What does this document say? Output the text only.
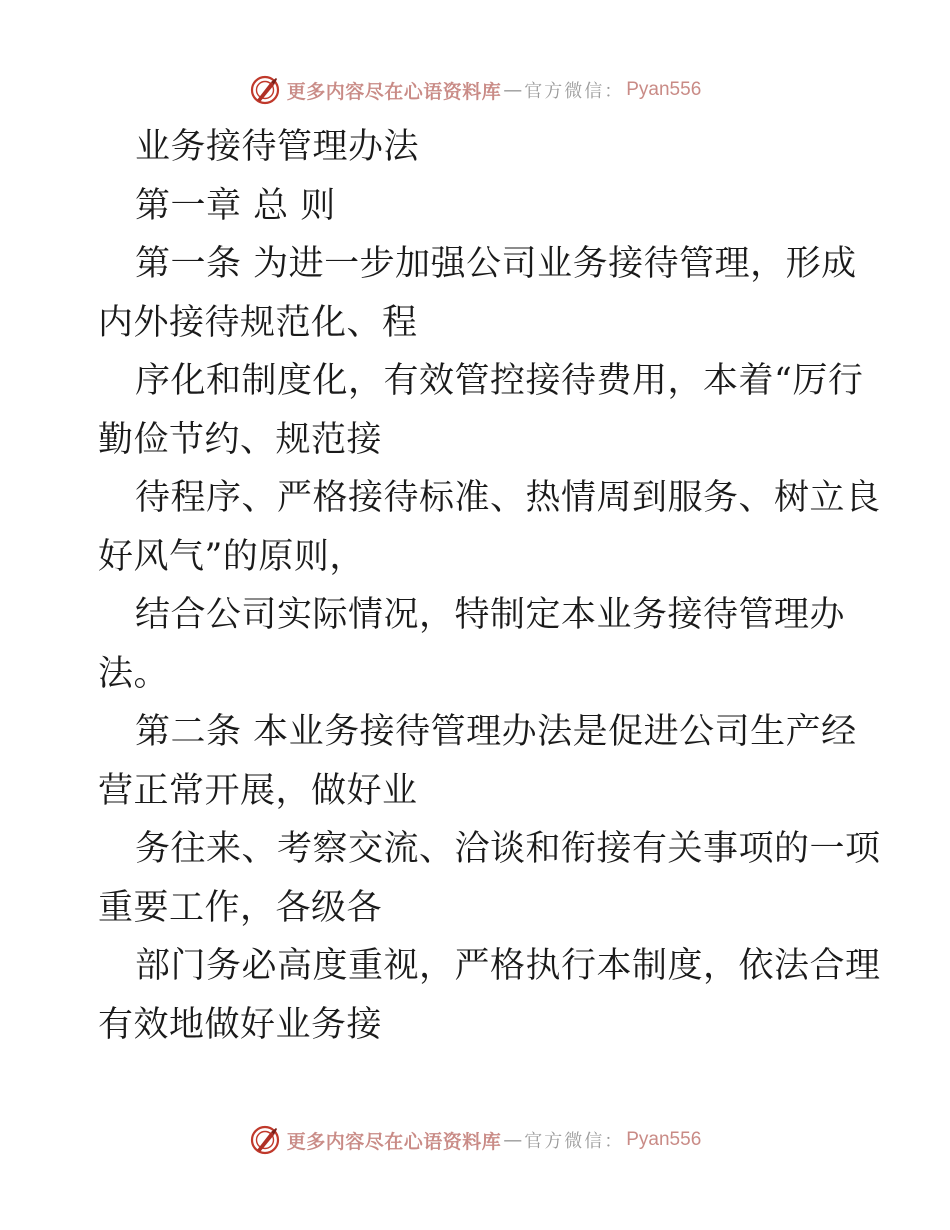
更多内容尽在心语资料库 — 官方微信： Pyan556
业务接待管理办法
第一章 总 则
第一条 为进一步加强公司业务接待管理，形成
内外接待规范化、程
序化和制度化，有效管控接待费用，本着“厉行
勤俭节约、规范接
待程序、严格接待标准、热情周到服务、树立良
好风气”的原则，
结合公司实际情况，特制定本业务接待管理办
法。
第二条 本业务接待管理办法是促进公司生产经
营正常开展，做好业
务往来、考察交流、洽谈和衔接有关事项的一项
重要工作，各级各
部门务必高度重视，严格执行本制度，依法合理
有效地做好业务接
更多内容尽在心语资料库 — 官方微信： Pyan556
